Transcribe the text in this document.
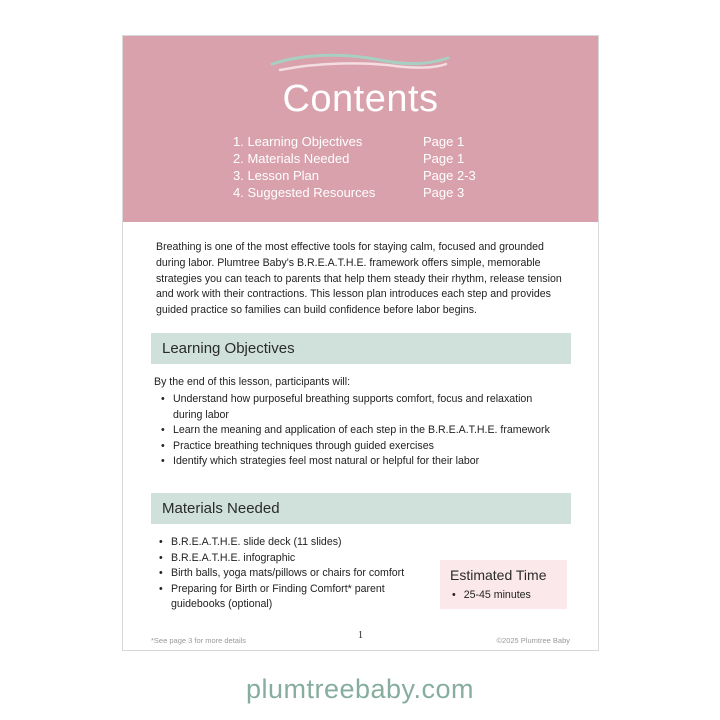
Contents
1. Learning Objectives	Page 1
2. Materials Needed	Page 1
3. Lesson Plan	Page 2-3
4. Suggested Resources	Page 3
Breathing is one of the most effective tools for staying calm, focused and grounded during labor. Plumtree Baby's B.R.E.A.T.H.E. framework offers simple, memorable strategies you can teach to parents that help them steady their rhythm, release tension and work with their contractions. This lesson plan introduces each step and provides guided practice so families can build confidence before labor begins.
Learning Objectives
By the end of this lesson, participants will:
• Understand how purposeful breathing supports comfort, focus and relaxation during labor
• Learn the meaning and application of each step in the B.R.E.A.T.H.E. framework
• Practice breathing techniques through guided exercises
• Identify which strategies feel most natural or helpful for their labor
Materials Needed
• B.R.E.A.T.H.E. slide deck (11 slides)
• B.R.E.A.T.H.E. infographic
• Birth balls, yoga mats/pillows or chairs for comfort
• Preparing for Birth or Finding Comfort* parent guidebooks (optional)
Estimated Time
• 25-45 minutes
*See page 3 for more details	1	©2025 Plumtree Baby
plumtreebaby.com
